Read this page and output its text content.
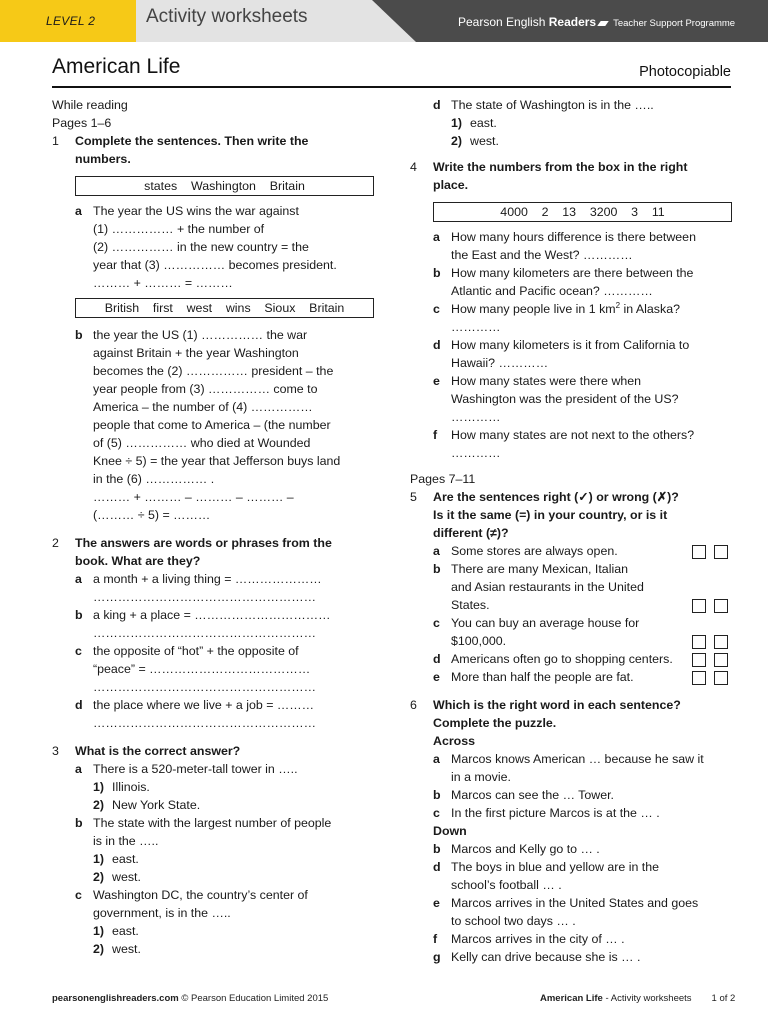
LEVEL 2	Activity worksheets	Pearson English Readers Teacher Support Programme
American Life	Photocopiable
While reading
Pages 1–6
1 Complete the sentences. Then write the
numbers.
states    Washington    Britain
a The year the US wins the war against
(1) …………… + the number of
(2) …………… in the new country = the
year that (3) …………… becomes president.
……… + ……… = ………
British    first    west    wins    Sioux    Britain
b the year the US (1) …………… the war
against Britain + the year Washington
becomes the (2) …………… president – the
year people from (3) …………… come to
America – the number of (4) ……………
people that come to America – (the number
of (5) …………… who died at Wounded
Knee ÷ 5) = the year that Jefferson buys land
in the (6) …………… .
……… + ……… – ……… – ……… –
(……… ÷ 5) = ………
2 The answers are words or phrases from the
book. What are they?
a a month + a living thing = …………………
………………………………………………
b a king + a place = ……………………………
………………………………………………
c the opposite of “hot” + the opposite of
“peace” = …………………………………
………………………………………………
d the place where we live + a job = ………
………………………………………………
3 What is the correct answer?
a There is a 520-meter-tall tower in …..
1) Illinois.
2) New York State.
b The state with the largest number of people
is in the …..
1) east.
2) west.
c Washington DC, the country’s center of
government, is in the …..
1) east.
2) west.
d The state of Washington is in the …..
1) east.
2) west.
4 Write the numbers from the box in the right
place.
4000    2    13    3200    3    11
a How many hours difference is there between
the East and the West? …………
b How many kilometers are there between the
Atlantic and Pacific ocean? …………
c How many people live in 1 $km^2$ in Alaska?
…………
d How many kilometers is it from California to
Hawaii? …………
e How many states were there when
Washington was the president of the US?
…………
f How many states are not next to the others?
…………
Pages 7–11
5 Are the sentences right (✓) or wrong (✗)?
Is it the same (=) in your country, or is it
different (≠)?
a Some stores are always open.
b There are many Mexican, Italian
and Asian restaurants in the United
States.
c You can buy an average house for
$100,000.
d Americans often go to shopping centers.
e More than half the people are fat.
6 Which is the right word in each sentence?
Complete the puzzle.
Across
a Marcos knows American … because he saw it
in a movie.
b Marcos can see the … Tower.
c In the first picture Marcos is at the … .
Down
b Marcos and Kelly go to … .
d The boys in blue and yellow are in the
school’s football … .
e Marcos arrives in the United States and goes
to school two days … .
f Marcos arrives in the city of … .
g Kelly can drive because she is … .
pearsonenglishreaders.com © Pearson Education Limited 2015	American Life - Activity worksheets 1 of 2
